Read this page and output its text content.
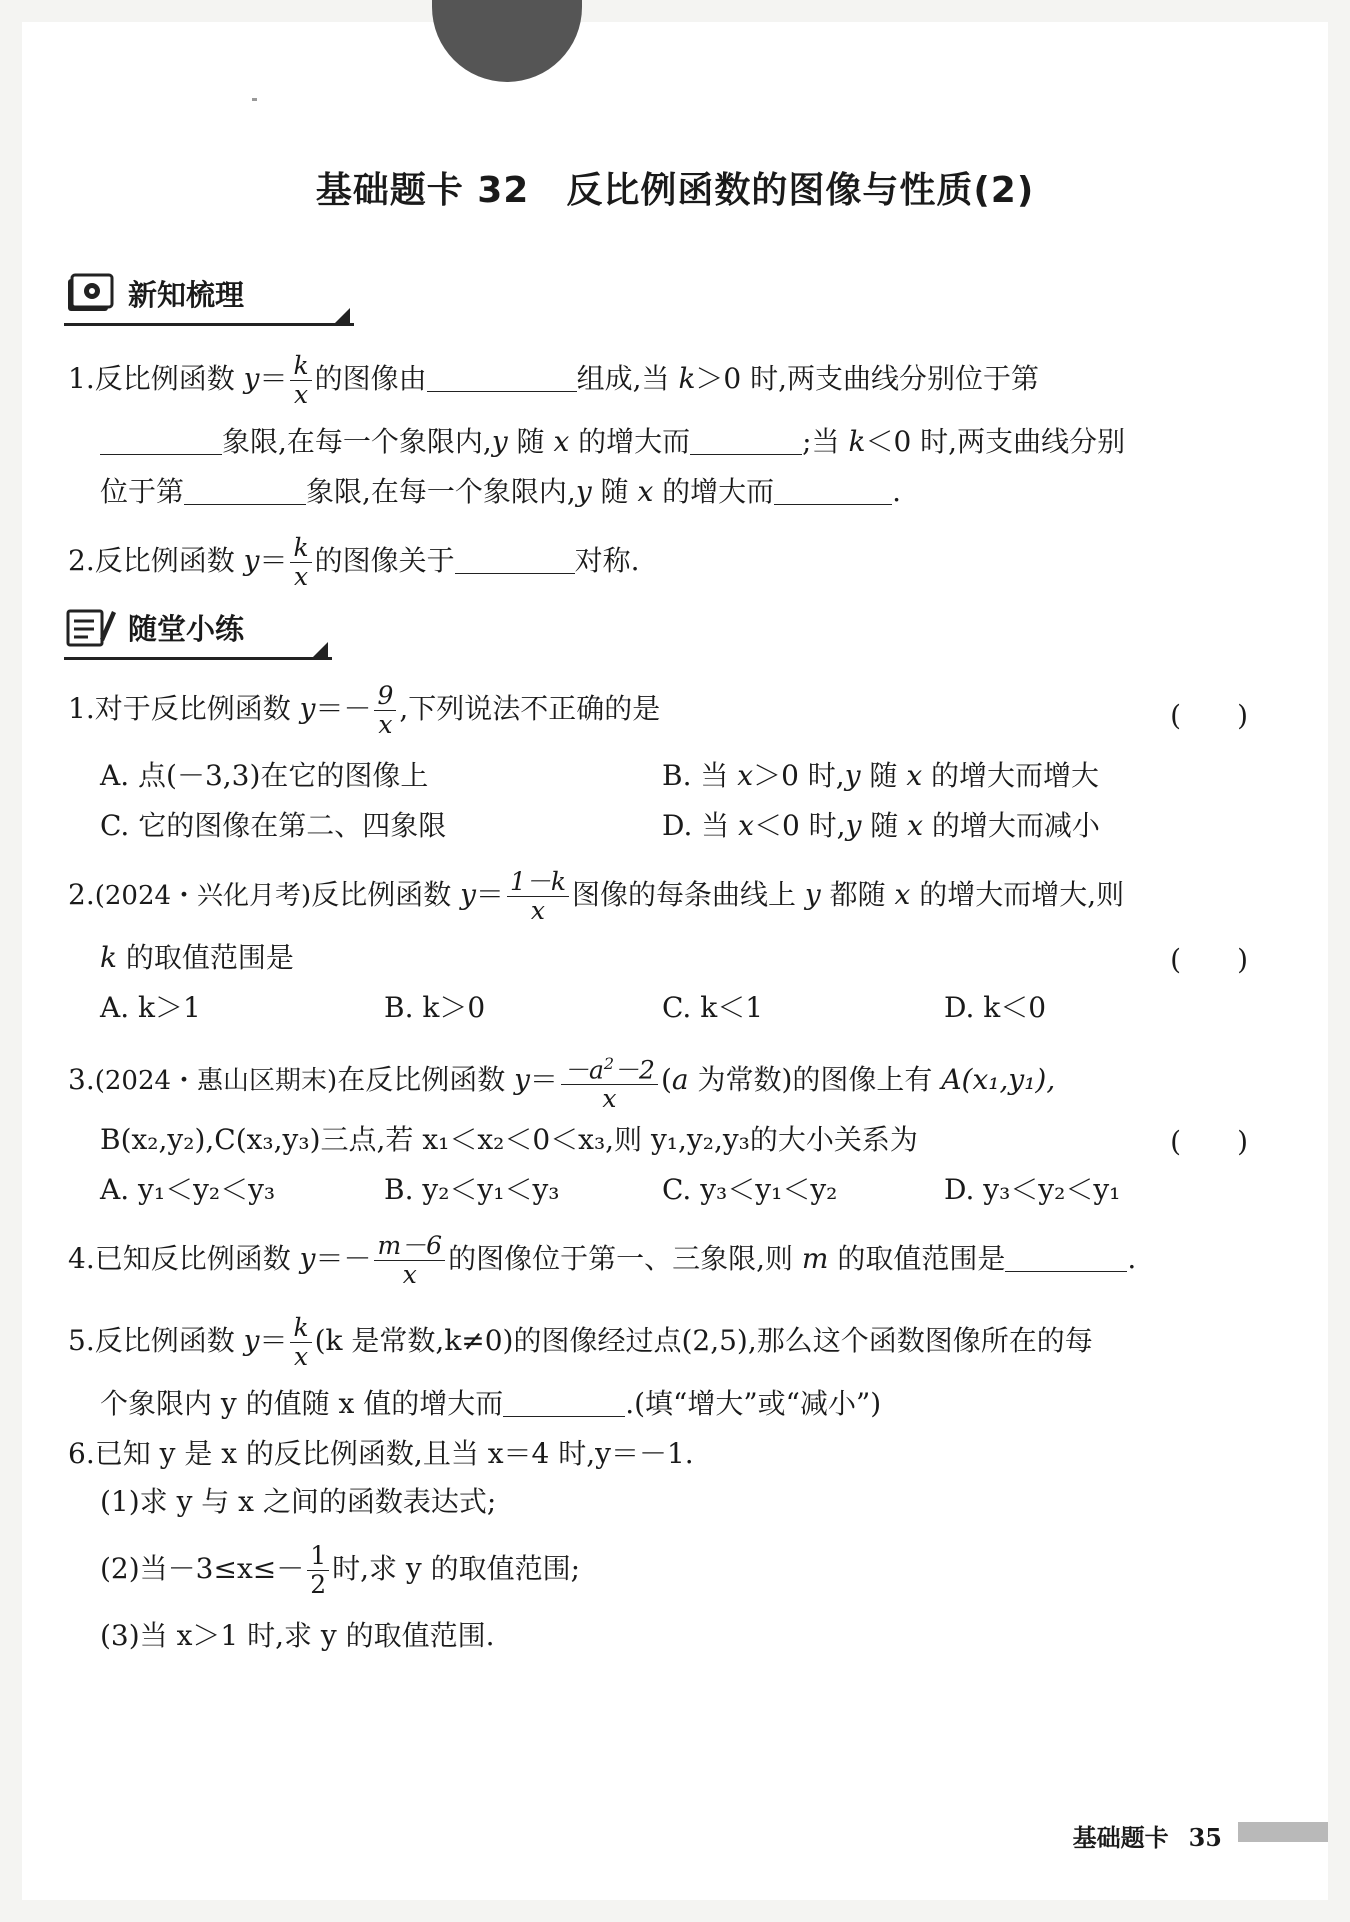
基础题卡 32　反比例函数的图像与性质(2)
新知梳理
1.反比例函数 $y= \frac{k}{x}$ 的图像由	组成,当 k＞0 时,两支曲线分别位于第
象限,在每一个象限内,y 随 x 的增大而	;当 k＜0 时,两支曲线分别
位于第	象限,在每一个象限内,y 随 x 的增大而	.
2.反比例函数 $y= \frac{k}{x}$ 的图像关于	对称.
随堂小练
1.对于反比例函数 $y=- \frac{9}{x}$ ,下列说法不正确的是	(　　)
A. 点(－3,3)在它的图像上	B. 当 x＞0 时,y 随 x 的增大而增大
C. 它的图像在第二、四象限	D. 当 x＜0 时,y 随 x 的增大而减小
2.(2024・兴化月考)反比例函数 $y= \frac{1-k}{x}$ 图像的每条曲线上 y 都随 x 的增大而增大,则
k 的取值范围是	(　　)
A. k＞1	B. k＞0	C. k＜1	D. k＜0
3.(2024・惠山区期末)在反比例函数 $y= \frac{-a^2-2}{x} (a$ 为常数)的图像上有 A(x₁,y₁),
B(x₂,y₂),C(x₃,y₃)三点,若 x₁＜x₂＜0＜x₃,则 y₁,y₂,y₃的大小关系为	(　　)
A. y₁＜y₂＜y₃	B. y₂＜y₁＜y₃	C. y₃＜y₁＜y₂	D. y₃＜y₂＜y₁
4.已知反比例函数 $y=- \frac{m-6}{x}$ 的图像位于第一、三象限,则 m 的取值范围是	.
5.反比例函数 $y= \frac{k}{x} (k$ 是常数,k≠0)的图像经过点(2,5),那么这个函数图像所在的每
个象限内 y 的值随 x 值的增大而	.(填“增大”或“减小”)
6.已知 y 是 x 的反比例函数,且当 x＝4 时,y＝－1.
(1)求 y 与 x 之间的函数表达式;
(2)当$-3\le x\le- \frac{1}{2}$ 时,求 y 的取值范围;
(3)当 x＞1 时,求 y 的取值范围.
基础题卡 35
